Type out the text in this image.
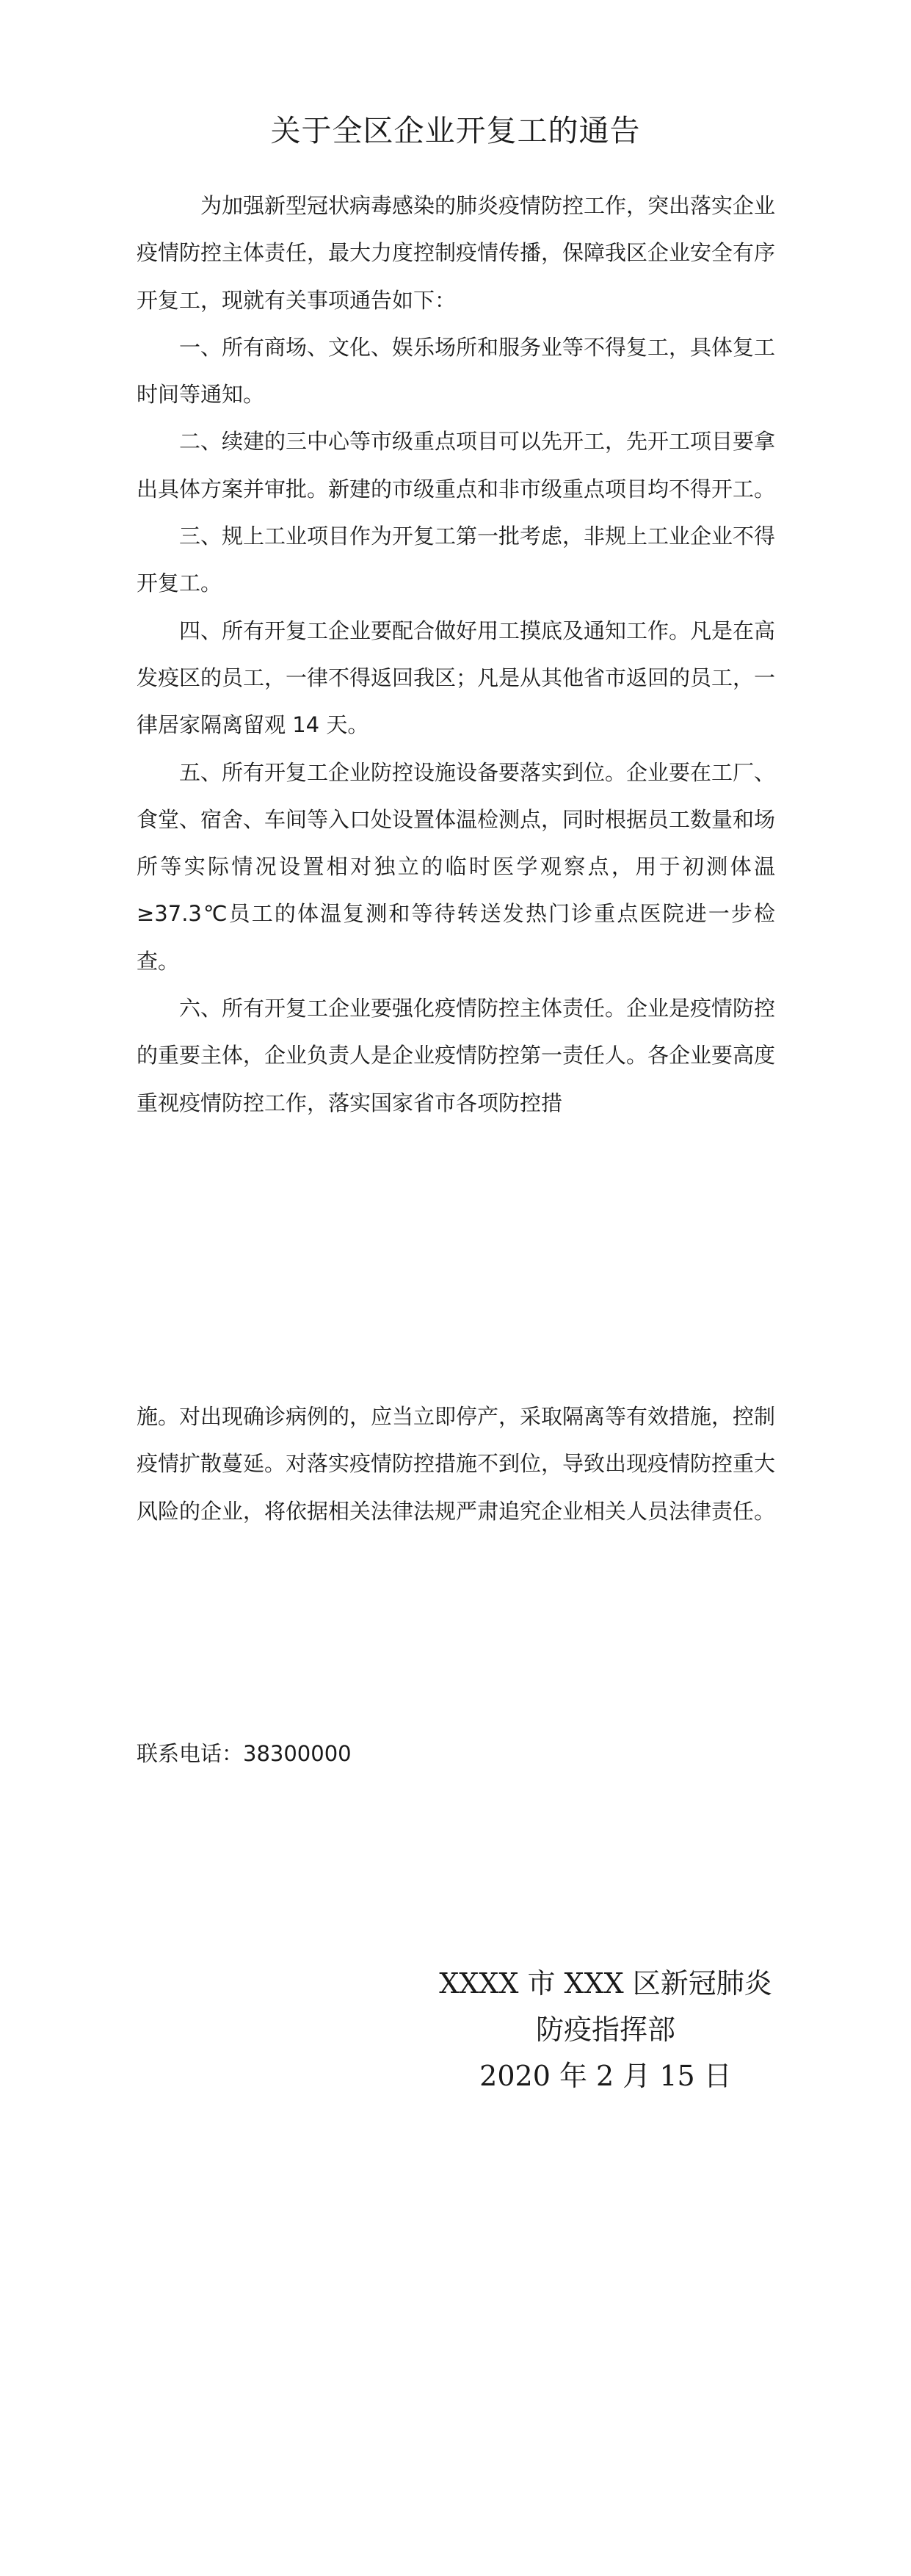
关于全区企业开复工的通告

为加强新型冠状病毒感染的肺炎疫情防控工作，突出落实企业疫情防控主体责任，最大力度控制疫情传播，保障我区企业安全有序开复工，现就有关事项通告如下：

一、所有商场、文化、娱乐场所和服务业等不得复工，具体复工时间等通知。

二、续建的三中心等市级重点项目可以先开工，先开工项目要拿出具体方案并审批。新建的市级重点和非市级重点项目均不得开工。

三、规上工业项目作为开复工第一批考虑，非规上工业企业不得开复工。

四、所有开复工企业要配合做好用工摸底及通知工作。凡是在高发疫区的员工，一律不得返回我区；凡是从其他省市返回的员工，一律居家隔离留观 14 天。

五、所有开复工企业防控设施设备要落实到位。企业要在工厂、食堂、宿舍、车间等入口处设置体温检测点，同时根据员工数量和场所等实际情况设置相对独立的临时医学观察点，用于初测体温≥37.3℃员工的体温复测和等待转送发热门诊重点医院进一步检查。

六、所有开复工企业要强化疫情防控主体责任。企业是疫情防控的重要主体，企业负责人是企业疫情防控第一责任人。各企业要高度重视疫情防控工作，落实国家省市各项防控措

施。对出现确诊病例的，应当立即停产，采取隔离等有效措施，控制疫情扩散蔓延。对落实疫情防控措施不到位，导致出现疫情防控重大风险的企业，将依据相关法律法规严肃追究企业相关人员法律责任。

联系电话：38300000
XXXX 市 XXX 区新冠肺炎
防疫指挥部
2020 年 2 月 15 日
